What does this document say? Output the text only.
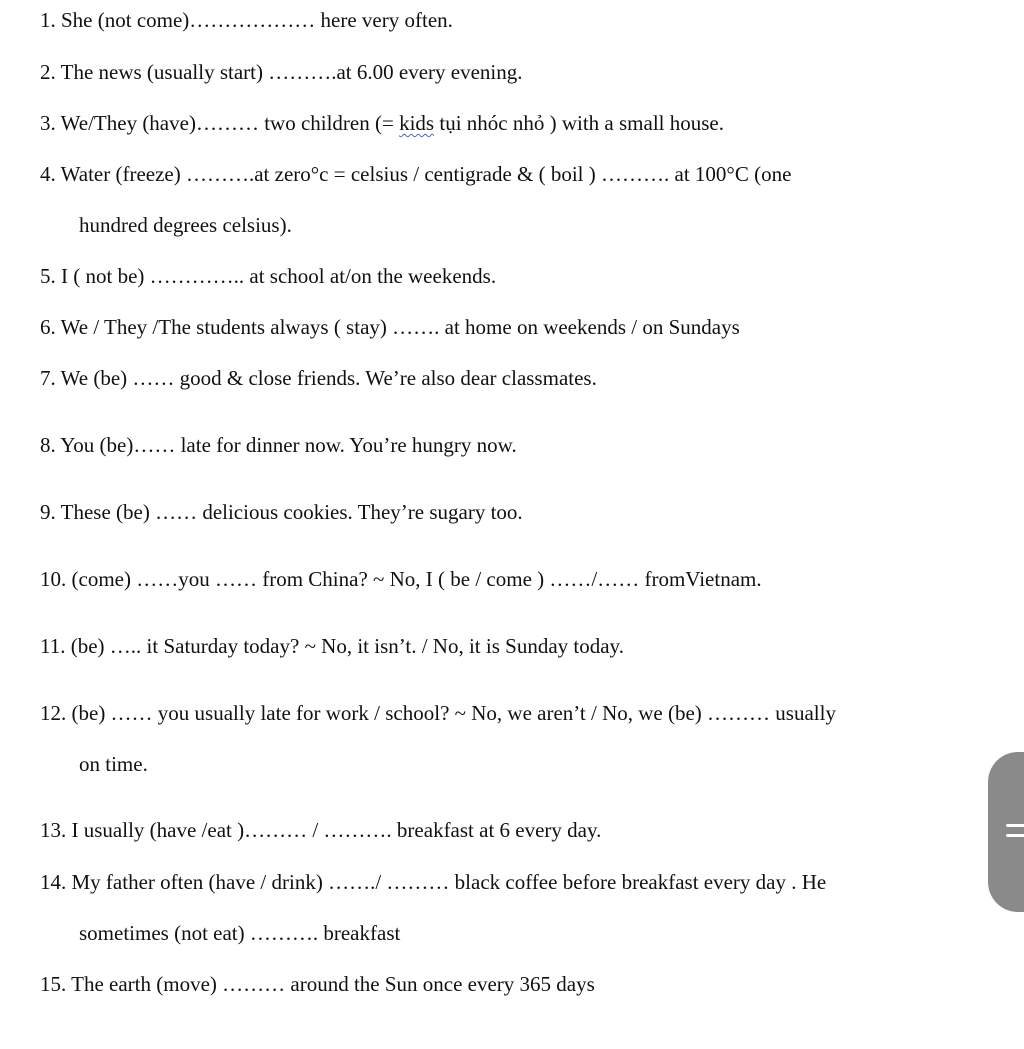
1. She (not come)……………… here very often.
2. The news (usually start) ……….at 6.00 every evening.
3. We/They (have)……… two children (= kids tụi nhóc nhỏ ) with a small house.
4. Water (freeze) ……….at zero°c = celsius / centigrade & ( boil ) ………. at 100°C (one
hundred degrees celsius).
5. I ( not be) ………….. at school at/on the weekends.
6. We / They /The students always ( stay) ……. at home on weekends / on Sundays
7. We (be) …… good & close friends. We’re also dear classmates.
8. You (be)…… late for dinner now. You’re hungry now.
9. These (be) …… delicious cookies. They’re sugary too.
10. (come) ……you …… from China? ~ No, I ( be / come ) ……/…… fromVietnam.
11. (be) ….. it Saturday today? ~ No, it isn’t. / No, it is Sunday today.
12. (be) …… you usually late for work / school? ~ No, we aren’t / No, we (be) ……… usually
on time.
13. I usually (have /eat )……… / ………. breakfast at 6 every day.
14. My father often (have / drink) ……./ ……… black coffee before breakfast every day . He
sometimes (not eat) ………. breakfast
15. The earth (move) ……… around the Sun once every 365 days
